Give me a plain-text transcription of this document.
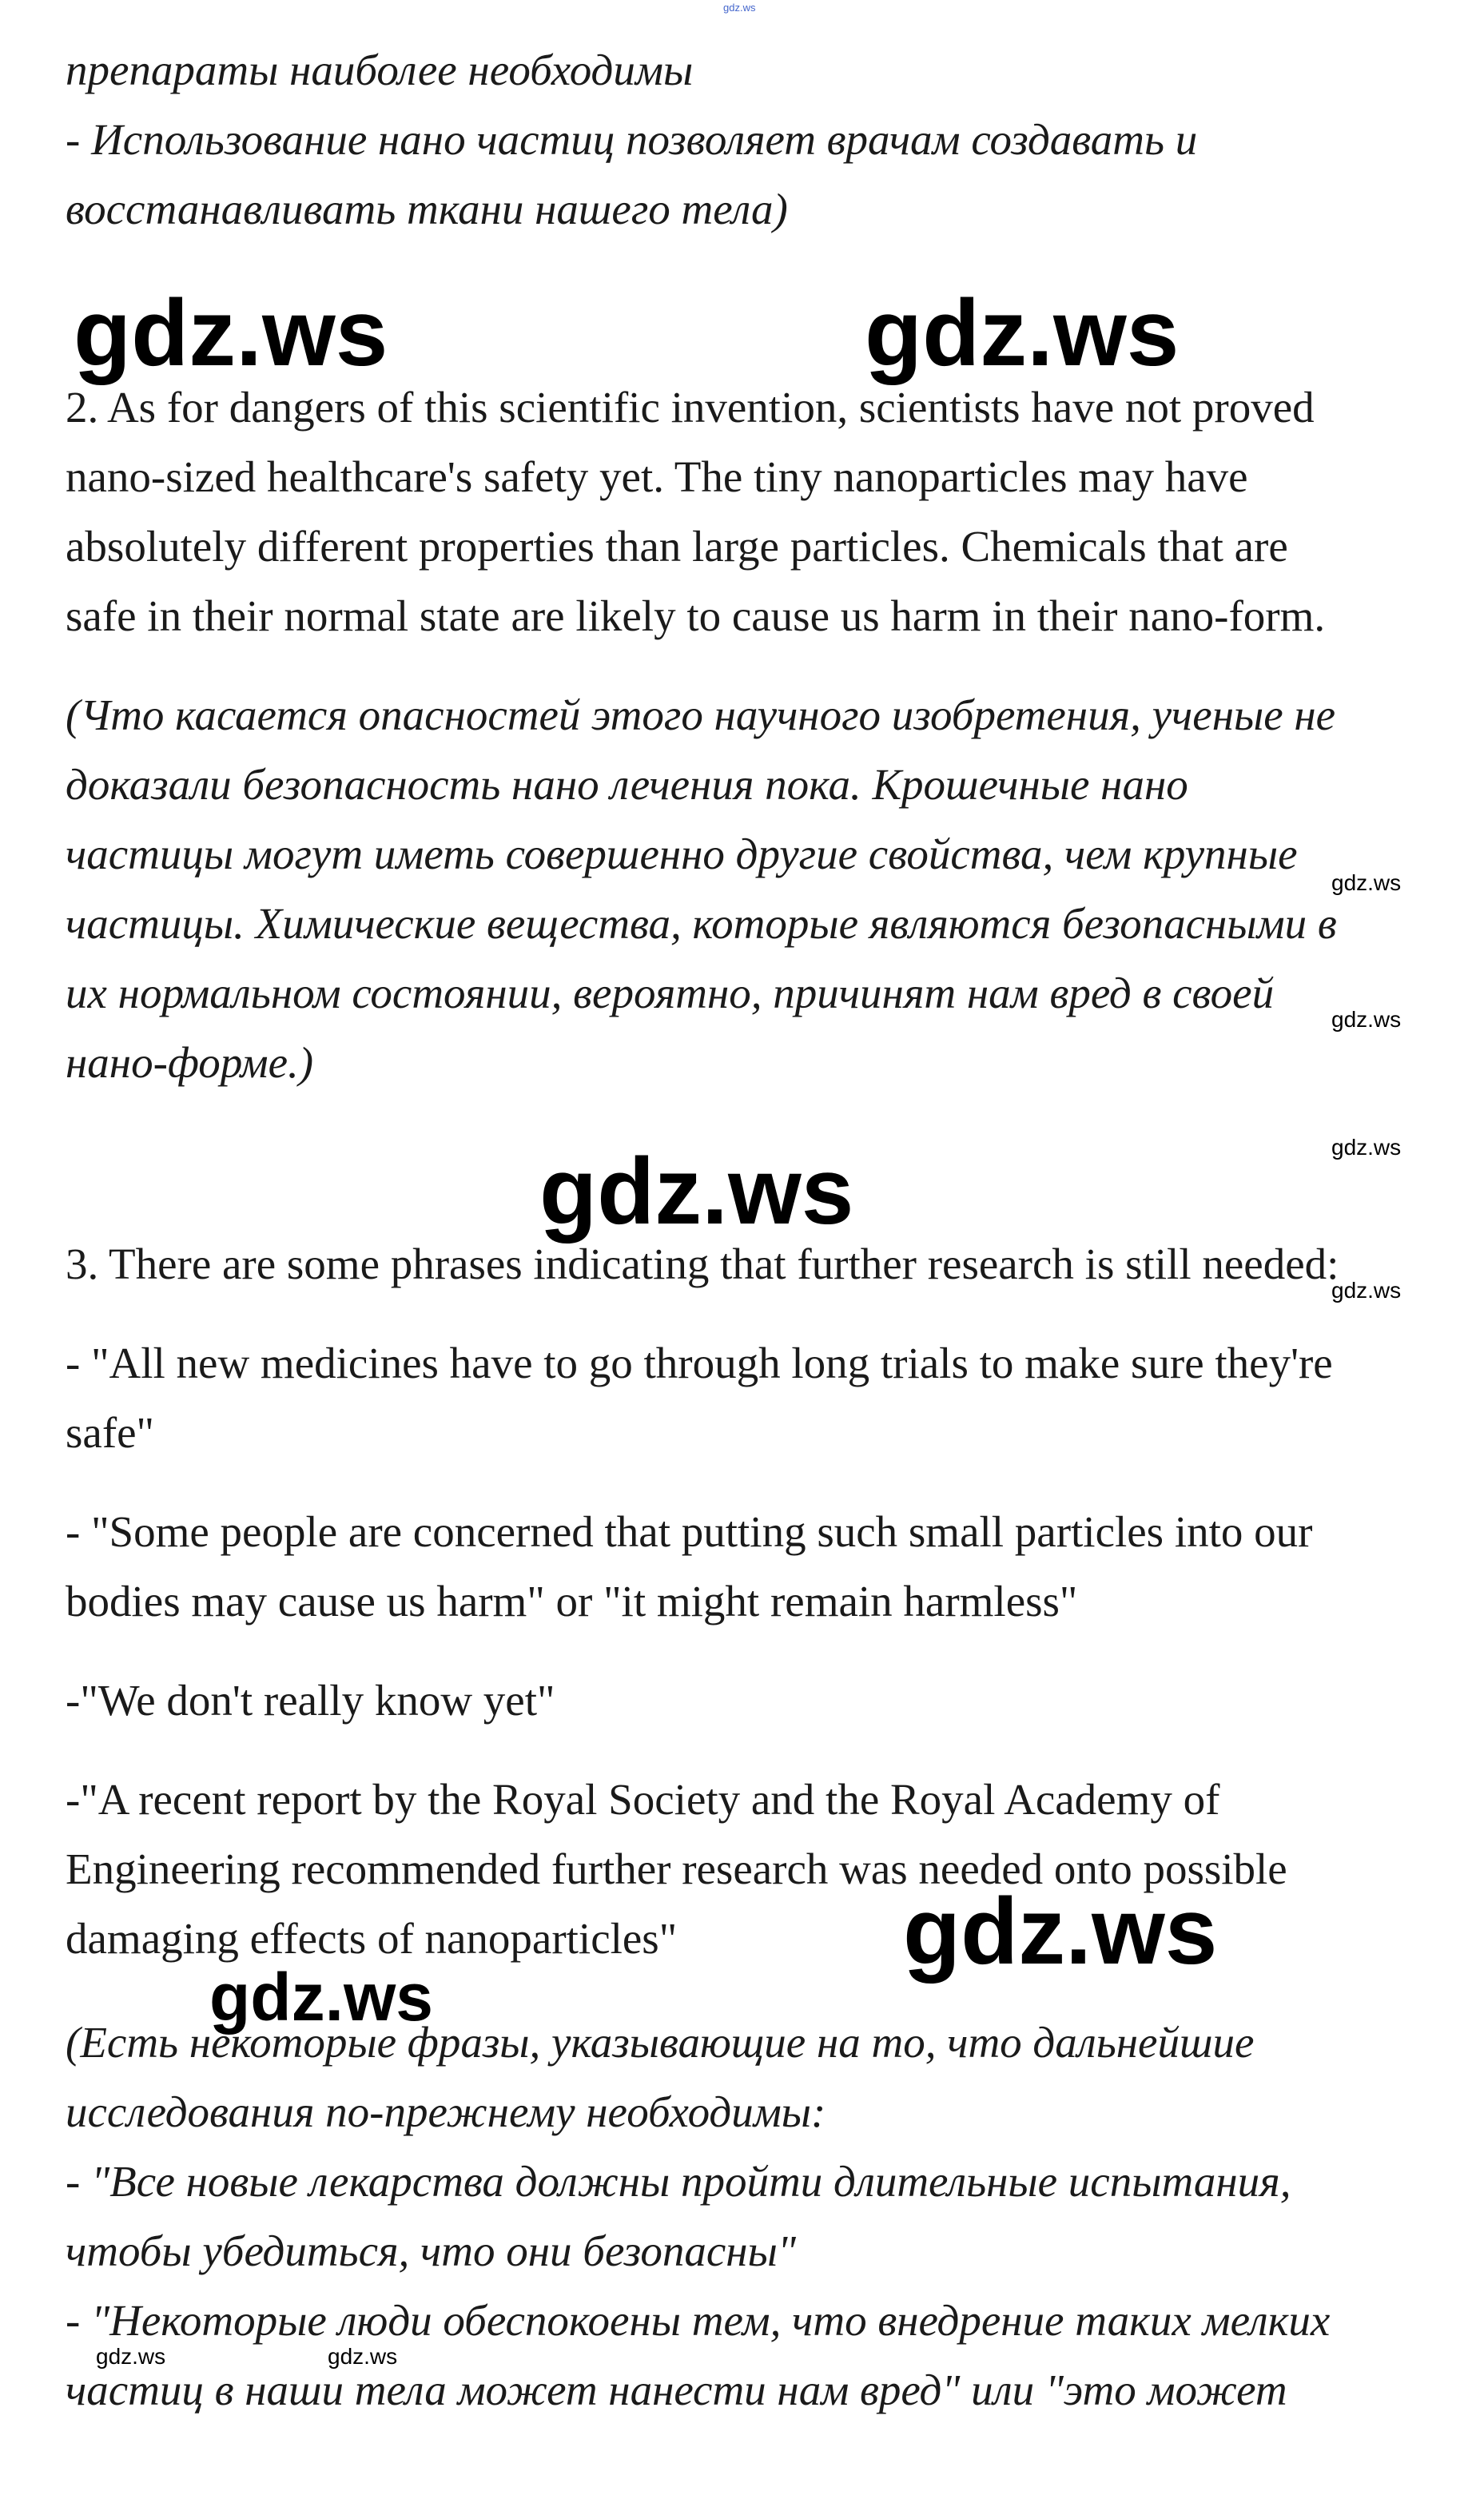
gdz.ws
препараты наиболее необходимы
- Использование нано частиц позволяет врачам создавать и
восстанавливать ткани нашего тела)
gdz.ws	gdz.ws
2. As for dangers of this scientific invention, scientists have not proved
nano-sized healthcare's safety yet. The tiny nanoparticles may have
absolutely different properties than large particles. Chemicals that are
safe in their normal state are likely to cause us harm in their nano-form.
(Что касается опасностей этого научного изобретения, ученые не
доказали безопасность нано лечения пока. Крошечные нано
частицы могут иметь совершенно другие свойства, чем крупные
gdz.ws
частицы. Химические вещества, которые являются безопасными в
их нормальном состоянии, вероятно, причинят нам вред в своей
gdz.ws
нано-форме.)
gdz.ws
gdz.ws
3. There are some phrases indicating that further research is still needed:
gdz.ws
- "All new medicines have to go through long trials to make sure they're
safe"
- "Some people are concerned that putting such small particles into our
bodies may cause us harm" or "it might remain harmless"
-"We don't really know yet"
-"A recent report by the Royal Society and the Royal Academy of
Engineering recommended further research was needed onto possible
damaging effects of nanoparticles" gdz.ws
gdz.ws
(Есть некоторые фразы, указывающие на то, что дальнейшие
исследования по-прежнему необходимы:
- "Все новые лекарства должны пройти длительные испытания,
чтобы убедиться, что они безопасны"
- "Некоторые люди обеспокоены тем, что внедрение таких мелких
gdz.ws	gdz.ws
частиц в наши тела может нанести нам вред" или "это может
